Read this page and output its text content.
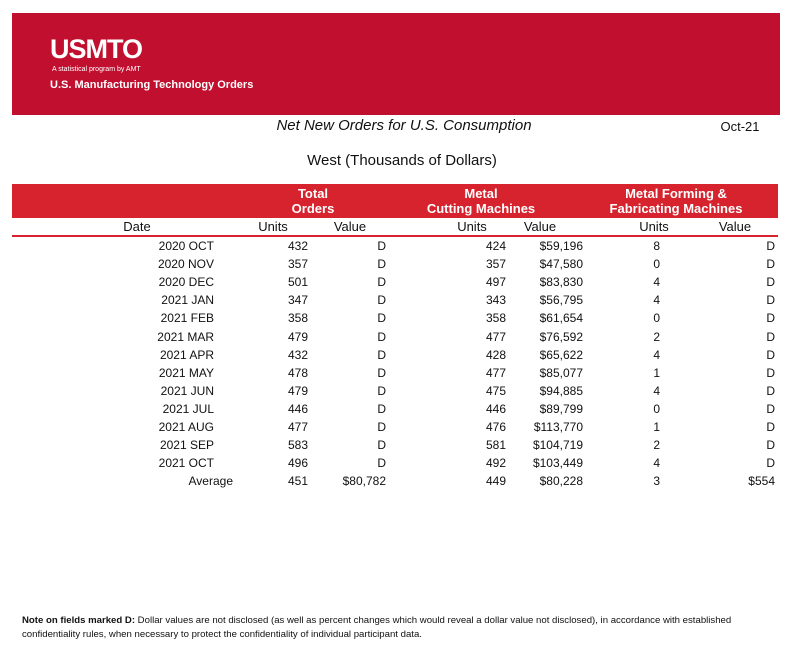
USMTO
A statistical program by AMT
U.S. Manufacturing Technology Orders
Net New Orders for U.S. Consumption	Oct-21
West (Thousands of Dollars)
Total
Orders
Metal
Cutting Machines
Metal Forming &
Fabricating Machines
Date	Units	Value	Units	Value	Units	Value
2020 OCT	432	D	424	$59,196	8	D
2020 NOV	357	D	357	$47,580	0	D
2020 DEC	501	D	497	$83,830	4	D
2021 JAN	347	D	343	$56,795	4	D
2021 FEB	358	D	358	$61,654	0	D
2021 MAR	479	D	477	$76,592	2	D
2021 APR	432	D	428	$65,622	4	D
2021 MAY	478	D	477	$85,077	1	D
2021 JUN	479	D	475	$94,885	4	D
2021 JUL	446	D	446	$89,799	0	D
2021 AUG	477	D	476 $113,770	1	D
2021 SEP	583	D	581 $104,719	2	D
2021 OCT	496	D	492 $103,449	4	D
Average	451	$80,782	449	$80,228	3	$554
Note on fields marked D: Dollar values are not disclosed (as well as percent changes which would reveal a dollar value not disclosed), in accordance with established confidentiality rules, when necessary to protect the confidentiality of individual participant data.
